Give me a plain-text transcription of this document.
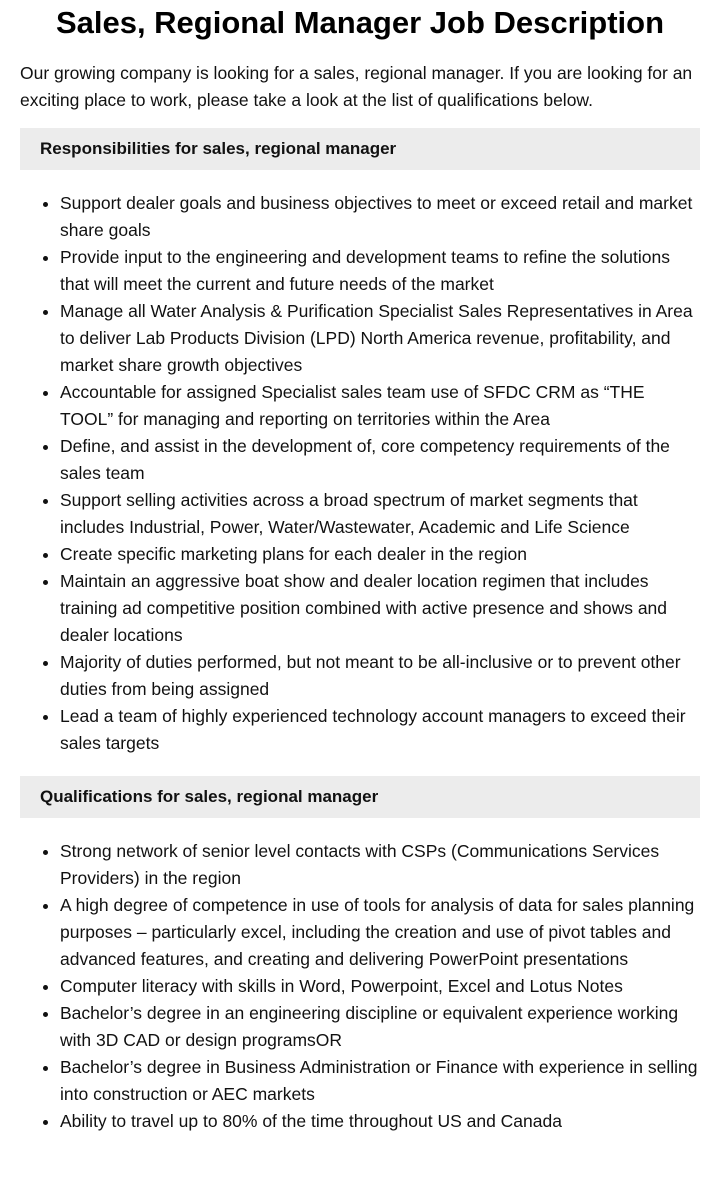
Sales, Regional Manager Job Description

Our growing company is looking for a sales, regional manager. If you are looking for an exciting place to work, please take a look at the list of qualifications below.

Responsibilities for sales, regional manager
Support dealer goals and business objectives to meet or exceed retail and market share goals
Provide input to the engineering and development teams to refine the solutions that will meet the current and future needs of the market
Manage all Water Analysis & Purification Specialist Sales Representatives in Area to deliver Lab Products Division (LPD) North America revenue, profitability, and market share growth objectives
Accountable for assigned Specialist sales team use of SFDC CRM as “THE TOOL” for managing and reporting on territories within the Area
Define, and assist in the development of, core competency requirements of the sales team
Support selling activities across a broad spectrum of market segments that includes Industrial, Power, Water/Wastewater, Academic and Life Science
Create specific marketing plans for each dealer in the region
Maintain an aggressive boat show and dealer location regimen that includes training ad competitive position combined with active presence and shows and dealer locations
Majority of duties performed, but not meant to be all-inclusive or to prevent other duties from being assigned
Lead a team of highly experienced technology account managers to exceed their sales targets
Qualifications for sales, regional manager
Strong network of senior level contacts with CSPs (Communications Services Providers) in the region
A high degree of competence in use of tools for analysis of data for sales planning purposes – particularly excel, including the creation and use of pivot tables and advanced features, and creating and delivering PowerPoint presentations
Computer literacy with skills in Word, Powerpoint, Excel and Lotus Notes
Bachelor’s degree in an engineering discipline or equivalent experience working with 3D CAD or design programsOR
Bachelor’s degree in Business Administration or Finance with experience in selling into construction or AEC markets
Ability to travel up to 80% of the time throughout US and Canada
